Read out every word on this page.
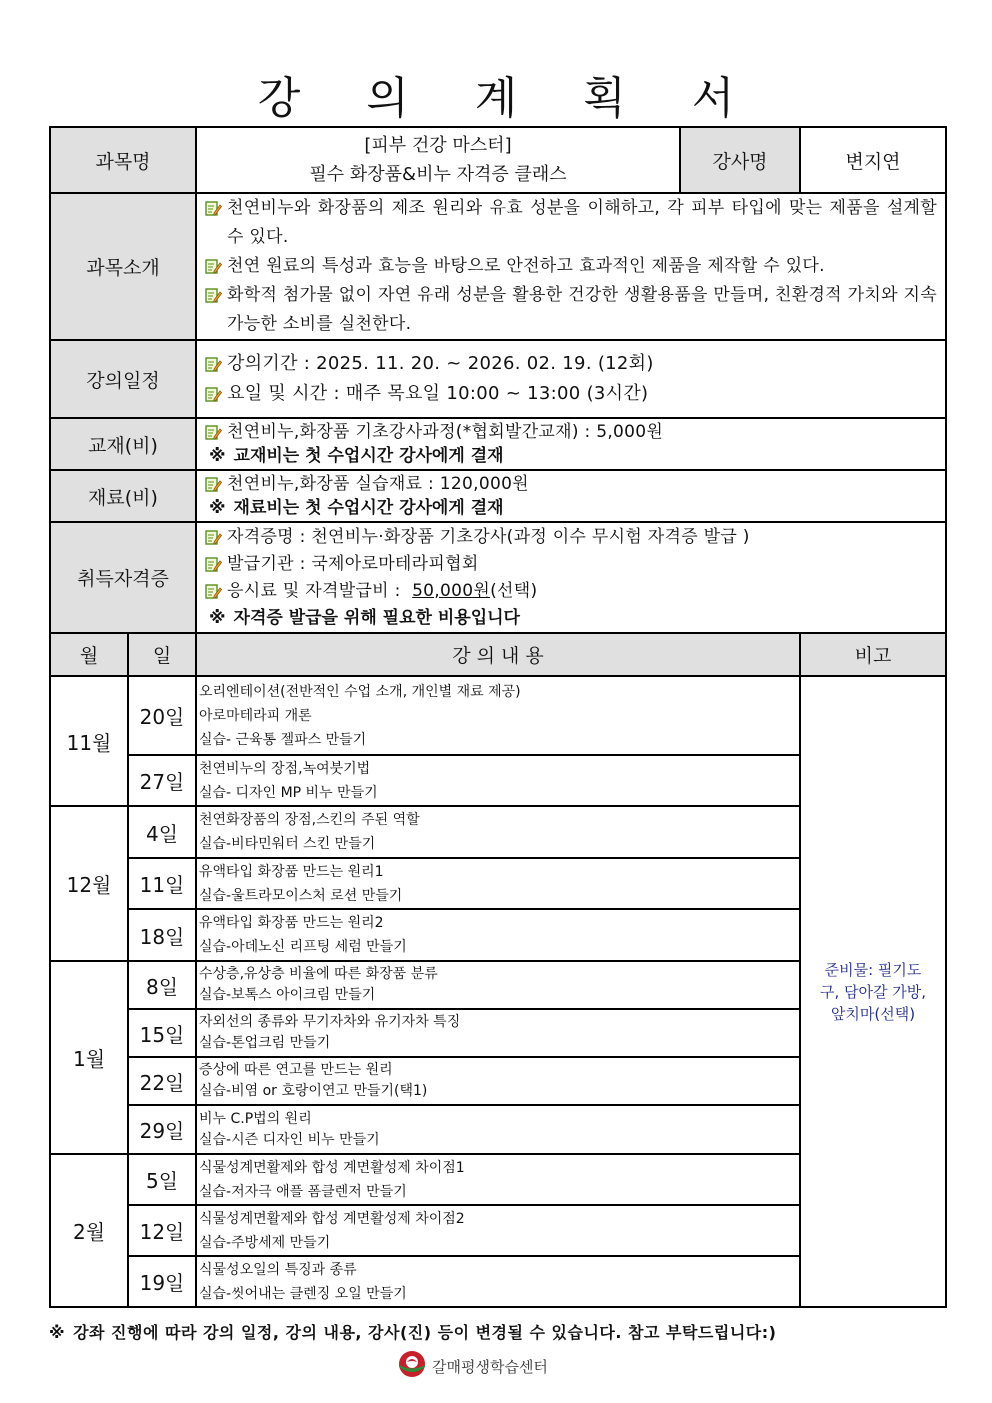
강 의 계 획 서
과목명		[피부 건강 마스터]
필수 화장품&비누 자격증 클래스	강사명	변지연
과목소개		천연비누와 화장품의 제조 원리와 유효 성분을 이해하고, 각 피부 타입에 맞는 제품을 설계할 수 있다.
천연 원료의 특성과 효능을 바탕으로 안전하고 효과적인 제품을 제작할 수 있다.
화학적 첨가물 없이 자연 유래 성분을 활용한 건강한 생활용품을 만들며, 친환경적 가치와 지속 가능한 소비를 실천한다.		

강의일정		강의기간 : 2025. 11. 20. ~ 2026. 02. 19. (12회)
요일 및 시간 : 매주 목요일 10:00 ~ 13:00 (3시간)		

교재(비)		천연비누,화장품 기초강사과정(*협회발간교재) : 5,000원
※ 교재비는 첫 수업시간 강사에게 결재		

재료(비)		천연비누,화장품 실습재료 : 120,000원
※ 재료비는 첫 수업시간 강사에게 결재		

취득자격증		자격증명 : 천연비누·화장품 기초강사(과정 이수 무시험 자격증 발급 )
발급기관 : 국제아로마테라피협회
응시료 및 자격발급비 : 50,000원(선택)
※ 자격증 발급을 위해 필요한 비용입니다		

월	일	강 의 내 용		비고
11월	20일	오리엔테이션(전반적인 수업 소개, 개인별 재료 제공)
아로마테라피 개론
실습- 근육통 젤파스 만들기		준비물: 필기도구, 담아갈 가방, 앞치마(선택)

	27일	천연비누의 장점,녹여붓기법
실습- 디자인 MP 비누 만들기		

12월	4일	천연화장품의 장점,스킨의 주된 역할
실습-비타민워터 스킨 만들기		

	11일	유액타입 화장품 만드는 원리1
실습-울트라모이스처 로션 만들기		

	18일	유액타입 화장품 만드는 원리2
실습-아데노신 리프팅 세럼 만들기		

1월	8일	수상층,유상층 비율에 따른 화장품 분류
실습-보톡스 아이크림 만들기		

	15일	자외선의 종류와 무기자차와 유기자차 특징
실습-톤업크림 만들기		

	22일	증상에 따른 연고를 만드는 원리
실습-비염 or 호랑이연고 만들기(택1)		

	29일	비누 C.P법의 원리
실습-시즌 디자인 비누 만들기		

2월	5일	식물성계면활제와 합성 계면활성제 차이점1
실습-저자극 애플 폼클렌저 만들기		

	12일	식물성계면활제와 합성 계면활성제 차이점2
실습-주방세제 만들기		

	19일	식물성오일의 특징과 종류
실습-씻어내는 클렌징 오일 만들기		
※ 강좌 진행에 따라 강의 일정, 강의 내용, 강사(진) 등이 변경될 수 있습니다. 참고 부탁드립니다:)
갈매평생학습센터
